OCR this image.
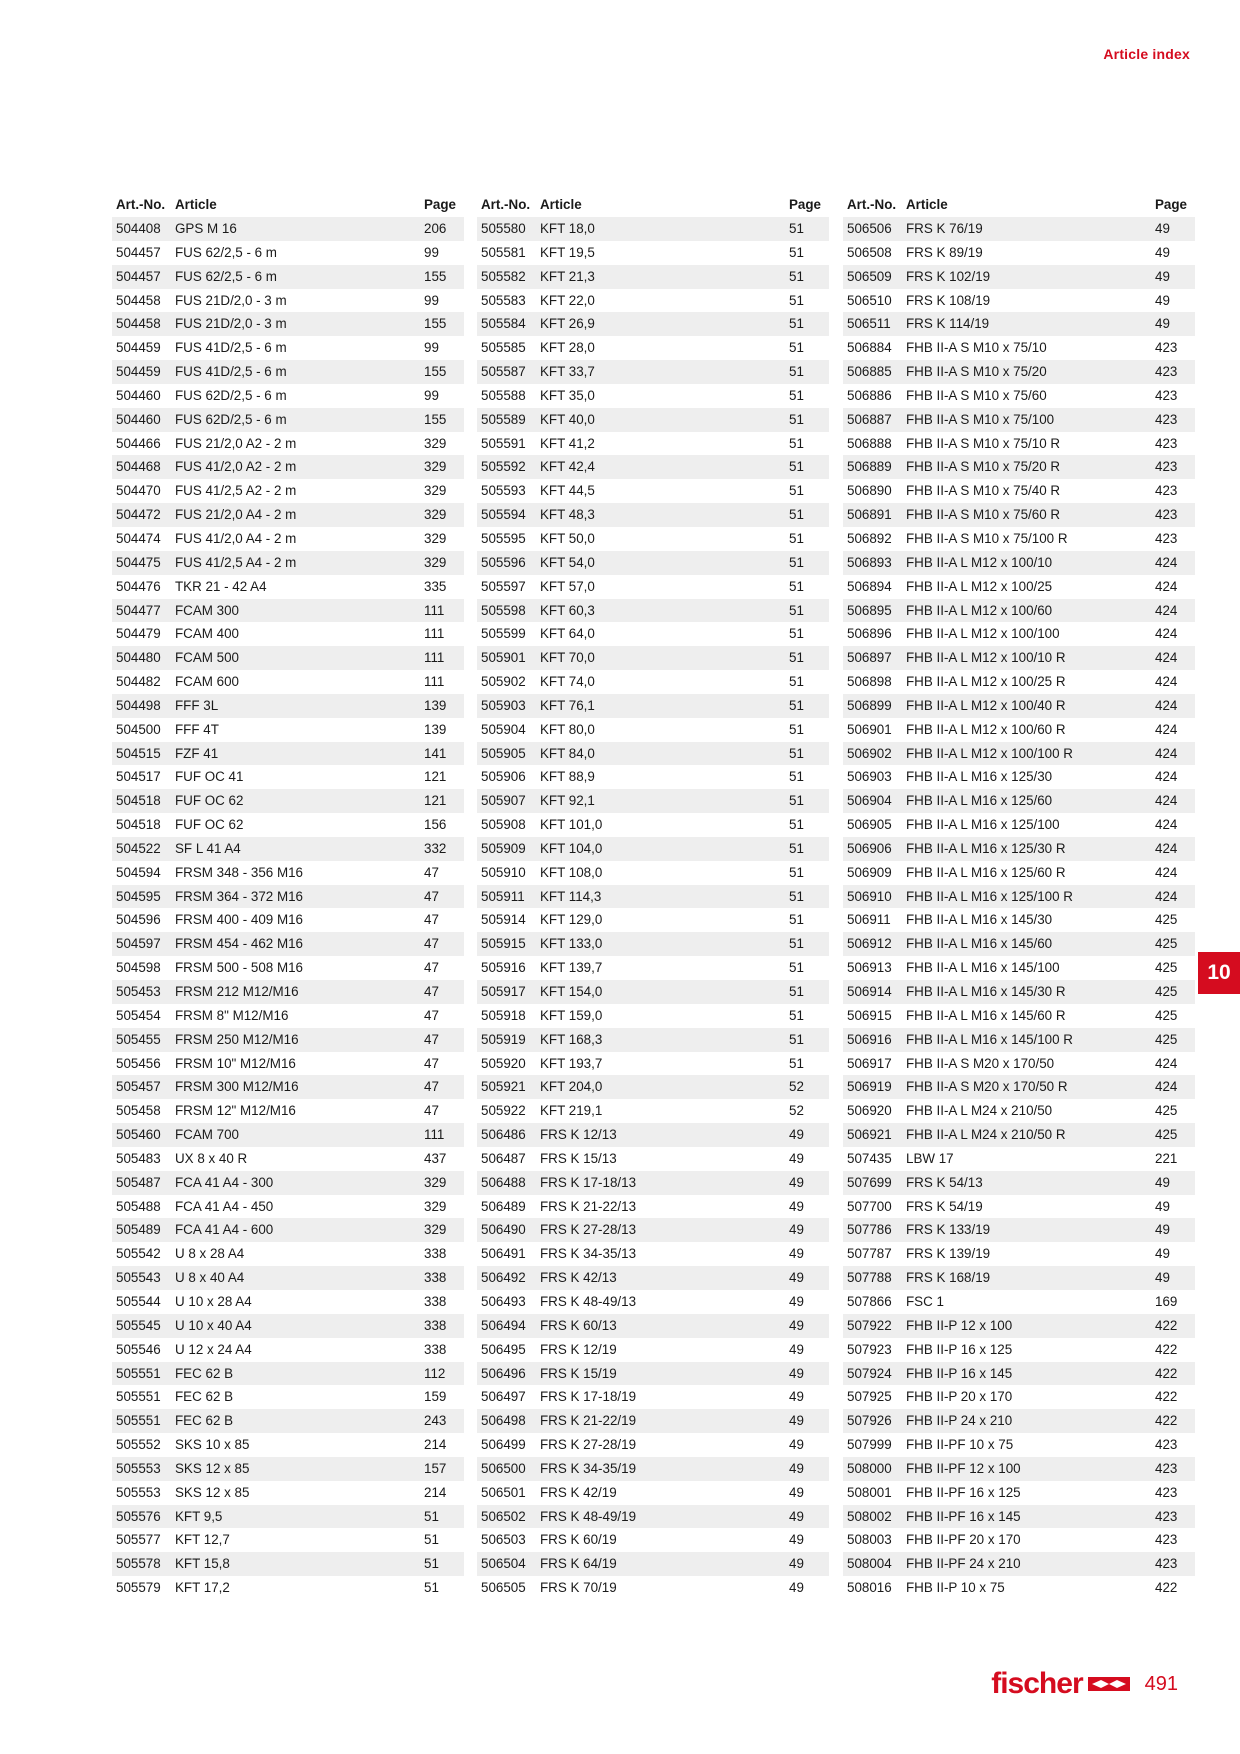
Article index
Art.-No. Article	Page
504408	GPS M 16	206
504457	FUS 62/2,5 - 6 m	99
504457	FUS 62/2,5 - 6 m	155
504458	FUS 21D/2,0 - 3 m	99
504458	FUS 21D/2,0 - 3 m	155
504459	FUS 41D/2,5 - 6 m	99
504459	FUS 41D/2,5 - 6 m	155
504460	FUS 62D/2,5 - 6 m	99
504460	FUS 62D/2,5 - 6 m	155
504466	FUS 21/2,0 A2 - 2 m	329
504468	FUS 41/2,0 A2 - 2 m	329
504470	FUS 41/2,5 A2 - 2 m	329
504472	FUS 21/2,0 A4 - 2 m	329
504474	FUS 41/2,0 A4 - 2 m	329
504475	FUS 41/2,5 A4 - 2 m	329
504476	TKR 21 - 42 A4	335
504477	FCAM 300	111
504479	FCAM 400	111
504480	FCAM 500	111
504482	FCAM 600	111
504498	FFF 3L	139
504500	FFF 4T	139
504515	FZF 41	141
504517	FUF OC 41	121
504518	FUF OC 62	121
504518	FUF OC 62	156
504522	SF L 41 A4	332
504594	FRSM 348 - 356 M16	47
504595	FRSM 364 - 372 M16	47
504596	FRSM 400 - 409 M16	47
504597	FRSM 454 - 462 M16	47
504598	FRSM 500 - 508 M16	47
505453	FRSM 212 M12/M16	47
505454	FRSM 8" M12/M16	47
505455	FRSM 250 M12/M16	47
505456	FRSM 10" M12/M16	47
505457	FRSM 300 M12/M16	47
505458	FRSM 12" M12/M16	47
505460	FCAM 700	111
505483	UX 8 x 40 R	437
505487	FCA 41 A4 - 300	329
505488	FCA 41 A4 - 450	329
505489	FCA 41 A4 - 600	329
505542	U 8 x 28 A4	338
505543	U 8 x 40 A4	338
505544	U 10 x 28 A4	338
505545	U 10 x 40 A4	338
505546	U 12 x 24 A4	338
505551	FEC 62 B	112
505551	FEC 62 B	159
505551	FEC 62 B	243
505552	SKS 10 x 85	214
505553	SKS 12 x 85	157
505553	SKS 12 x 85	214
505576	KFT 9,5	51
505577	KFT 12,7	51
505578	KFT 15,8	51
505579	KFT 17,2	51
Art.-No. Article	Page
505580	KFT 18,0	51
505581	KFT 19,5	51
505582	KFT 21,3	51
505583	KFT 22,0	51
505584	KFT 26,9	51
505585	KFT 28,0	51
505587	KFT 33,7	51
505588	KFT 35,0	51
505589	KFT 40,0	51
505591	KFT 41,2	51
505592	KFT 42,4	51
505593	KFT 44,5	51
505594	KFT 48,3	51
505595	KFT 50,0	51
505596	KFT 54,0	51
505597	KFT 57,0	51
505598	KFT 60,3	51
505599	KFT 64,0	51
505901	KFT 70,0	51
505902	KFT 74,0	51
505903	KFT 76,1	51
505904	KFT 80,0	51
505905	KFT 84,0	51
505906	KFT 88,9	51
505907	KFT 92,1	51
505908	KFT 101,0	51
505909	KFT 104,0	51
505910	KFT 108,0	51
505911	KFT 114,3	51
505914	KFT 129,0	51
505915	KFT 133,0	51
505916	KFT 139,7	51
505917	KFT 154,0	51
505918	KFT 159,0	51
505919	KFT 168,3	51
505920	KFT 193,7	51
505921	KFT 204,0	52
505922	KFT 219,1	52
506486	FRS K 12/13	49
506487	FRS K 15/13	49
506488	FRS K 17-18/13	49
506489	FRS K 21-22/13	49
506490	FRS K 27-28/13	49
506491	FRS K 34-35/13	49
506492	FRS K 42/13	49
506493	FRS K 48-49/13	49
506494	FRS K 60/13	49
506495	FRS K 12/19	49
506496	FRS K 15/19	49
506497	FRS K 17-18/19	49
506498	FRS K 21-22/19	49
506499	FRS K 27-28/19	49
506500	FRS K 34-35/19	49
506501	FRS K 42/19	49
506502	FRS K 48-49/19	49
506503	FRS K 60/19	49
506504	FRS K 64/19	49
506505	FRS K 70/19	49
Art.-No. Article	Page
506506	FRS K 76/19	49
506508	FRS K 89/19	49
506509	FRS K 102/19	49
506510	FRS K 108/19	49
506511	FRS K 114/19	49
506884	FHB II-A S M10 x 75/10	423
506885	FHB II-A S M10 x 75/20	423
506886	FHB II-A S M10 x 75/60	423
506887	FHB II-A S M10 x 75/100	423
506888	FHB II-A S M10 x 75/10 R	423
506889	FHB II-A S M10 x 75/20 R	423
506890	FHB II-A S M10 x 75/40 R	423
506891	FHB II-A S M10 x 75/60 R	423
506892	FHB II-A S M10 x 75/100 R	423
506893	FHB II-A L M12 x 100/10	424
506894	FHB II-A L M12 x 100/25	424
506895	FHB II-A L M12 x 100/60	424
506896	FHB II-A L M12 x 100/100	424
506897	FHB II-A L M12 x 100/10 R	424
506898	FHB II-A L M12 x 100/25 R	424
506899	FHB II-A L M12 x 100/40 R	424
506901	FHB II-A L M12 x 100/60 R	424
506902	FHB II-A L M12 x 100/100 R	424
506903	FHB II-A L M16 x 125/30	424
506904	FHB II-A L M16 x 125/60	424
506905	FHB II-A L M16 x 125/100	424
506906	FHB II-A L M16 x 125/30 R	424
506909	FHB II-A L M16 x 125/60 R	424
506910	FHB II-A L M16 x 125/100 R	424
506911	FHB II-A L M16 x 145/30	425
506912	FHB II-A L M16 x 145/60	425
506913	FHB II-A L M16 x 145/100	425
506914	FHB II-A L M16 x 145/30 R	425
506915	FHB II-A L M16 x 145/60 R	425
506916	FHB II-A L M16 x 145/100 R	425
506917	FHB II-A S M20 x 170/50	424
506919	FHB II-A S M20 x 170/50 R	424
506920	FHB II-A L M24 x 210/50	425
506921	FHB II-A L M24 x 210/50 R	425
507435	LBW 17	221
507699	FRS K 54/13	49
507700	FRS K 54/19	49
507786	FRS K 133/19	49
507787	FRS K 139/19	49
507788	FRS K 168/19	49
507866	FSC 1	169
507922	FHB II-P 12 x 100	422
507923	FHB II-P 16 x 125	422
507924	FHB II-P 16 x 145	422
507925	FHB II-P 20 x 170	422
507926	FHB II-P 24 x 210	422
507999	FHB II-PF 10 x 75	423
508000	FHB II-PF 12 x 100	423
508001	FHB II-PF 16 x 125	423
508002	FHB II-PF 16 x 145	423
508003	FHB II-PF 20 x 170	423
508004	FHB II-PF 24 x 210	423
508016	FHB II-P 10 x 75	422
10
fischer	491
